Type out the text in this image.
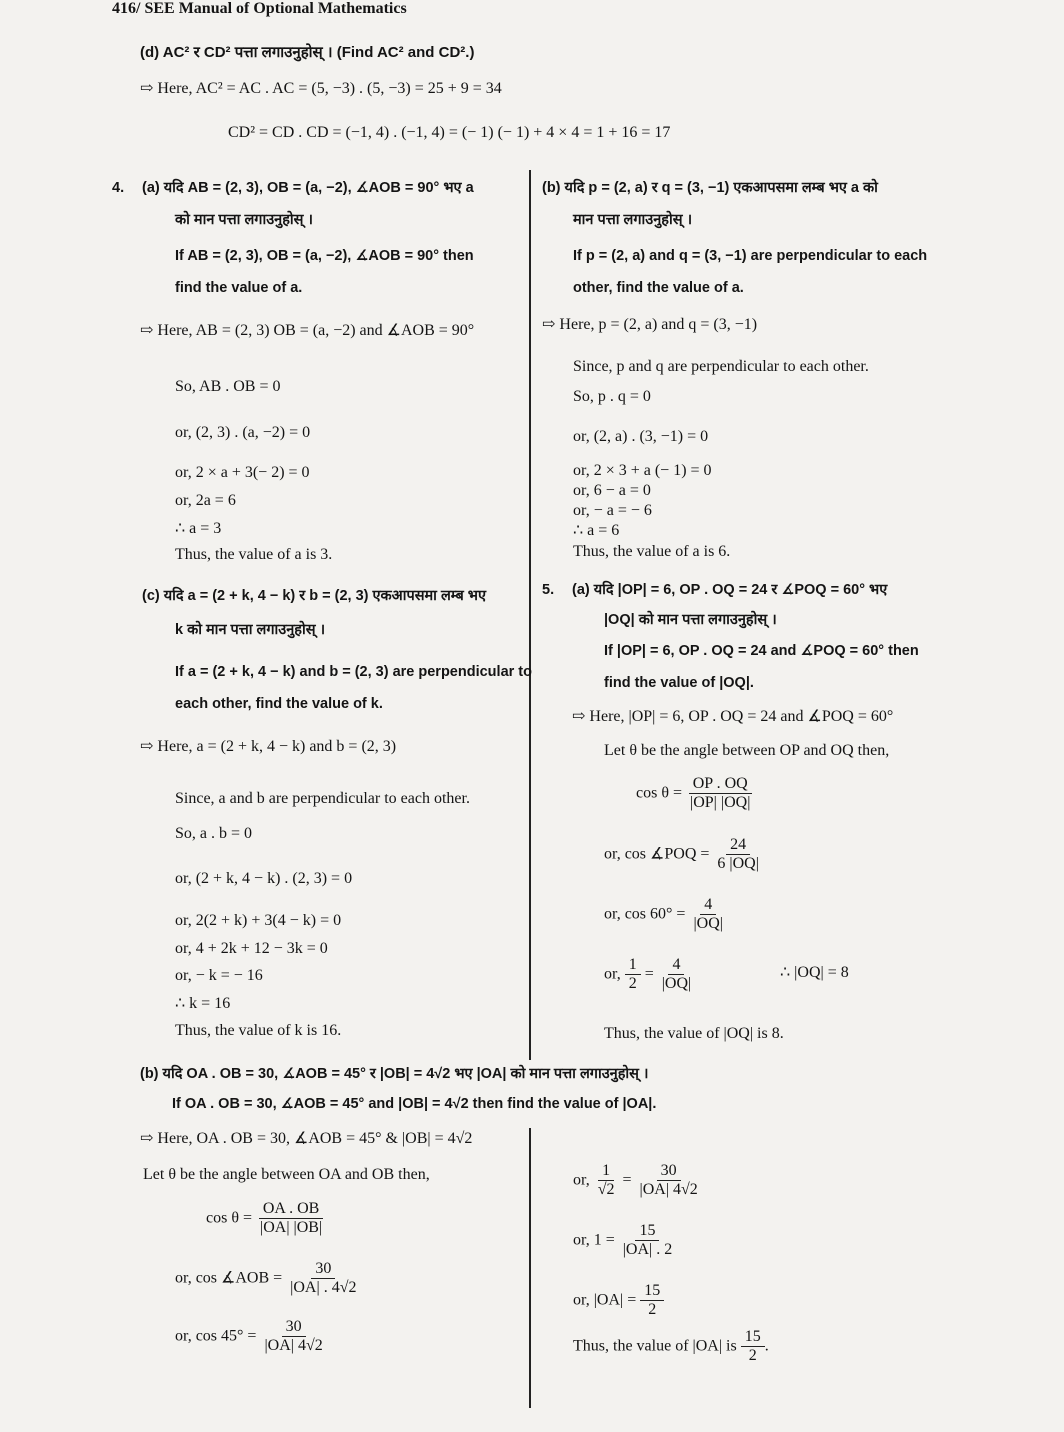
416/ SEE Manual of Optional Mathematics
(d) AC² र CD² पत्ता लगाउनुहोस् । (Find AC² and CD².)
⇨ Here, AC² = AC . AC = (5, −3) . (5, −3) = 25 + 9 = 34
CD² = CD . CD = (−1, 4) . (−1, 4) = (− 1) (− 1) + 4 × 4 = 1 + 16 = 17
4. (a) यदि AB = (2, 3), OB = (a, −2), ∡AOB = 90° भए a
को मान पत्ता लगाउनुहोस् ।
If AB = (2, 3), OB = (a, −2), ∡AOB = 90° then
find the value of a.
⇨ Here, AB = (2, 3) OB = (a, −2) and ∡AOB = 90°
So, AB . OB = 0
or, (2, 3) . (a, −2) = 0
or, 2 × a + 3(− 2) = 0
or, 2a = 6
∴ a = 3
Thus, the value of a is 3.
(b) यदि p = (2, a) र q = (3, −1) एकआपसमा लम्ब भए a को
मान पत्ता लगाउनुहोस् ।
If p = (2, a) and q = (3, −1) are perpendicular to each
other, find the value of a.
⇨ Here, p = (2, a) and q = (3, −1)
Since, p and q are perpendicular to each other.
So, p . q = 0
or, (2, a) . (3, −1) = 0
or, 2 × 3 + a (− 1) = 0
or, 6 − a = 0
or, − a = − 6
∴ a = 6
Thus, the value of a is 6.
(c) यदि a = (2 + k, 4 − k) र b = (2, 3) एकआपसमा लम्ब भए
k को मान पत्ता लगाउनुहोस् ।
If a = (2 + k, 4 − k) and b = (2, 3) are perpendicular to
each other, find the value of k.
⇨ Here, a = (2 + k, 4 − k) and b = (2, 3)
Since, a and b are perpendicular to each other.
So, a . b = 0
or, (2 + k, 4 − k) . (2, 3) = 0
or, 2(2 + k) + 3(4 − k) = 0
or, 4 + 2k + 12 − 3k = 0
or, − k = − 16
∴ k = 16
Thus, the value of k is 16.
5. (a) यदि |OP| = 6, OP . OQ = 24 र ∡POQ = 60° भए
|OQ| को मान पत्ता लगाउनुहोस् ।
If |OP| = 6, OP . OQ = 24 and ∡POQ = 60° then
find the value of |OQ|.
⇨ Here, |OP| = 6, OP . OQ = 24 and ∡POQ = 60°
Let θ be the angle between OP and OQ then,
$\cos \theta = \frac{OP . OQ}{|OP| |OQ|}$
or, cos ∡POQ = $\frac{24}{6 |OQ|}$
or, $\cos 60^\circ = \frac{4}{|OQ|}$
or, $\frac{1}{2} = \frac{4}{|OQ|}$	∴ |OQ| = 8
Thus, the value of |OQ| is 8.
(b) यदि OA . OB = 30, ∡AOB = 45° र |OB| = 4√2 भए |OA| को मान पत्ता लगाउनुहोस् ।
If OA . OB = 30, ∡AOB = 45° and |OB| = 4√2 then find the value of |OA|.
⇨ Here, OA . OB = 30, ∡AOB = 45° & |OB| = 4√2
Let θ be the angle between OA and OB then,
$\cos \theta = \frac{OA . OB}{|OA| |OB|}$
or, cos ∡AOB = $\frac{30}{|OA| . 4√2}$
or, $\cos 45^\circ = \frac{30}{|OA| 4√2}$
or, $\frac{1}{√2} = \frac{30}{|OA| 4√2}$
or, $1 = \frac{15}{|OA| . 2}$
or, $|OA| = \frac{15}{2}$
Thus, the value of |OA| is $\frac{15}{2}$ .
